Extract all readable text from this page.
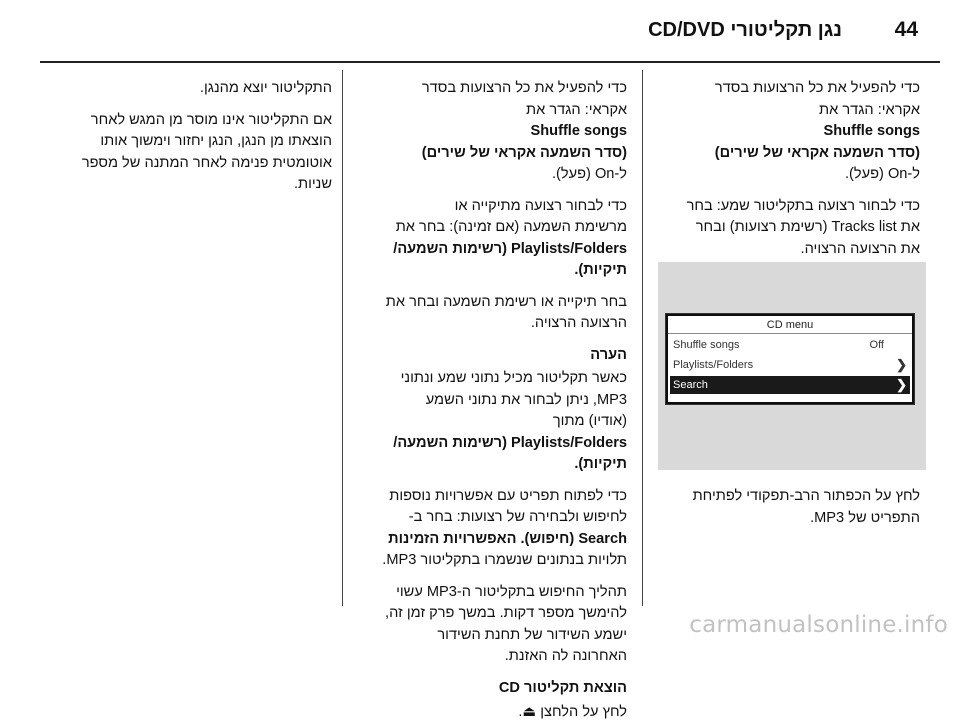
44
נגן תקליטורי CD/DVD

כדי להפעיל את כל הרצועות בסדר
אקראי: הגדר את
Shuffle songs
(סדר השמעה אקראי של שירים)
ל-On (פעל).

כדי לבחור רצועה בתקליטור שמע: בחר
את Tracks list (רשימת רצועות) ובחר
את הרצועה הרצויה.

CD menu
Shuffle songs	Off
Playlists/Folders	❯
Search	❯
לחץ על הכפתור הרב-תפקודי לפתיחת
התפריט של MP3.

כדי להפעיל את כל הרצועות בסדר
אקראי: הגדר את
Shuffle songs
(סדר השמעה אקראי של שירים)
ל-On (פעל).

כדי לבחור רצועה מתיקייה או
מרשימת השמעה (אם זמינה): בחר את
Playlists/Folders (רשימות השמעה/
תיקיות).

בחר תיקייה או רשימת השמעה ובחר את
הרצועה הרצויה.

הערה

כאשר תקליטור מכיל נתוני שמע ונתוני
MP3, ניתן לבחור את נתוני השמע
(אודיו) מתוך
Playlists/Folders (רשימות השמעה/
תיקיות).

כדי לפתוח תפריט עם אפשרויות נוספות
לחיפוש ולבחירה של רצועות: בחר ב-
Search (חיפוש). האפשרויות הזמינות
תלויות בנתונים שנשמרו בתקליטור MP3.

תהליך החיפוש בתקליטור ה-MP3 עשוי
להימשך מספר דקות. במשך פרק זמן זה,
ישמע השידור של תחנת השידור
האחרונה לה האזנת.

הוצאת תקליטור CD

לחץ על הלחצן ⏏.

התקליטור יוצא מהנגן.

אם התקליטור אינו מוסר מן המגש לאחר
הוצאתו מן הנגן, הנגן יחזור וימשוך אותו
אוטומטית פנימה לאחר המתנה של מספר
שניות.

carmanualsonline.info
